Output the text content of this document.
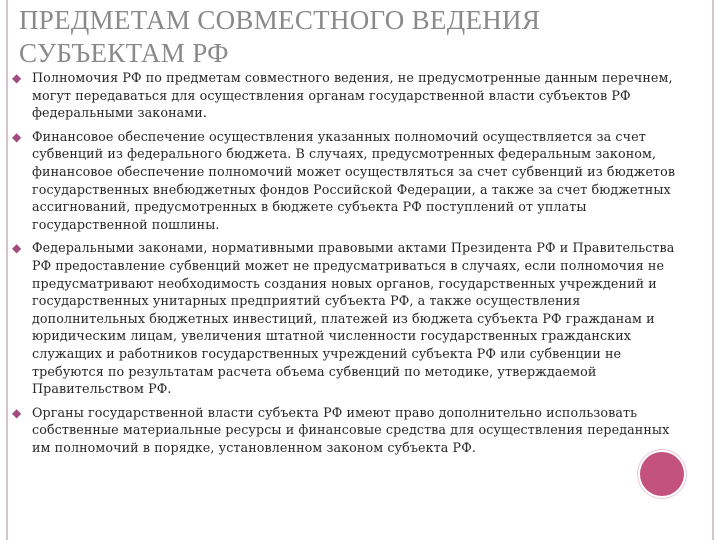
ПРЕДМЕТАМ СОВМЕСТНОГО ВЕДЕНИЯ СУБЪЕКТАМ РФ
◆ Полномочия РФ по предметам совместного ведения, не предусмотренные данным перечнем, могут передаваться для осуществления органам государственной власти субъектов РФ федеральными законами.
◆ Финансовое обеспечение осуществления указанных полномочий осуществляется за счет субвенций из федерального бюджета. В случаях, предусмотренных федеральным законом, финансовое обеспечение полномочий может осуществляться за счет субвенций из бюджетов государственных внебюджетных фондов Российской Федерации, а также за счет бюджетных ассигнований, предусмотренных в бюджете субъекта РФ поступлений от уплаты государственной пошлины.
◆ Федеральными законами, нормативными правовыми актами Президента РФ и Правительства РФ предоставление субвенций может не предусматриваться в случаях, если полномочия не предусматривают необходимость создания новых органов, государственных учреждений и государственных унитарных предприятий субъекта РФ, а также осуществления дополнительных бюджетных инвестиций, платежей из бюджета субъекта РФ гражданам и юридическим лицам, увеличения штатной численности государственных гражданских служащих и работников государственных учреждений субъекта РФ или субвенции не требуются по результатам расчета объема субвенций по методике, утверждаемой Правительством РФ.
◆ Органы государственной власти субъекта РФ имеют право дополнительно использовать собственные материальные ресурсы и финансовые средства для осуществления переданных им полномочий в порядке, установленном законом субъекта РФ.
